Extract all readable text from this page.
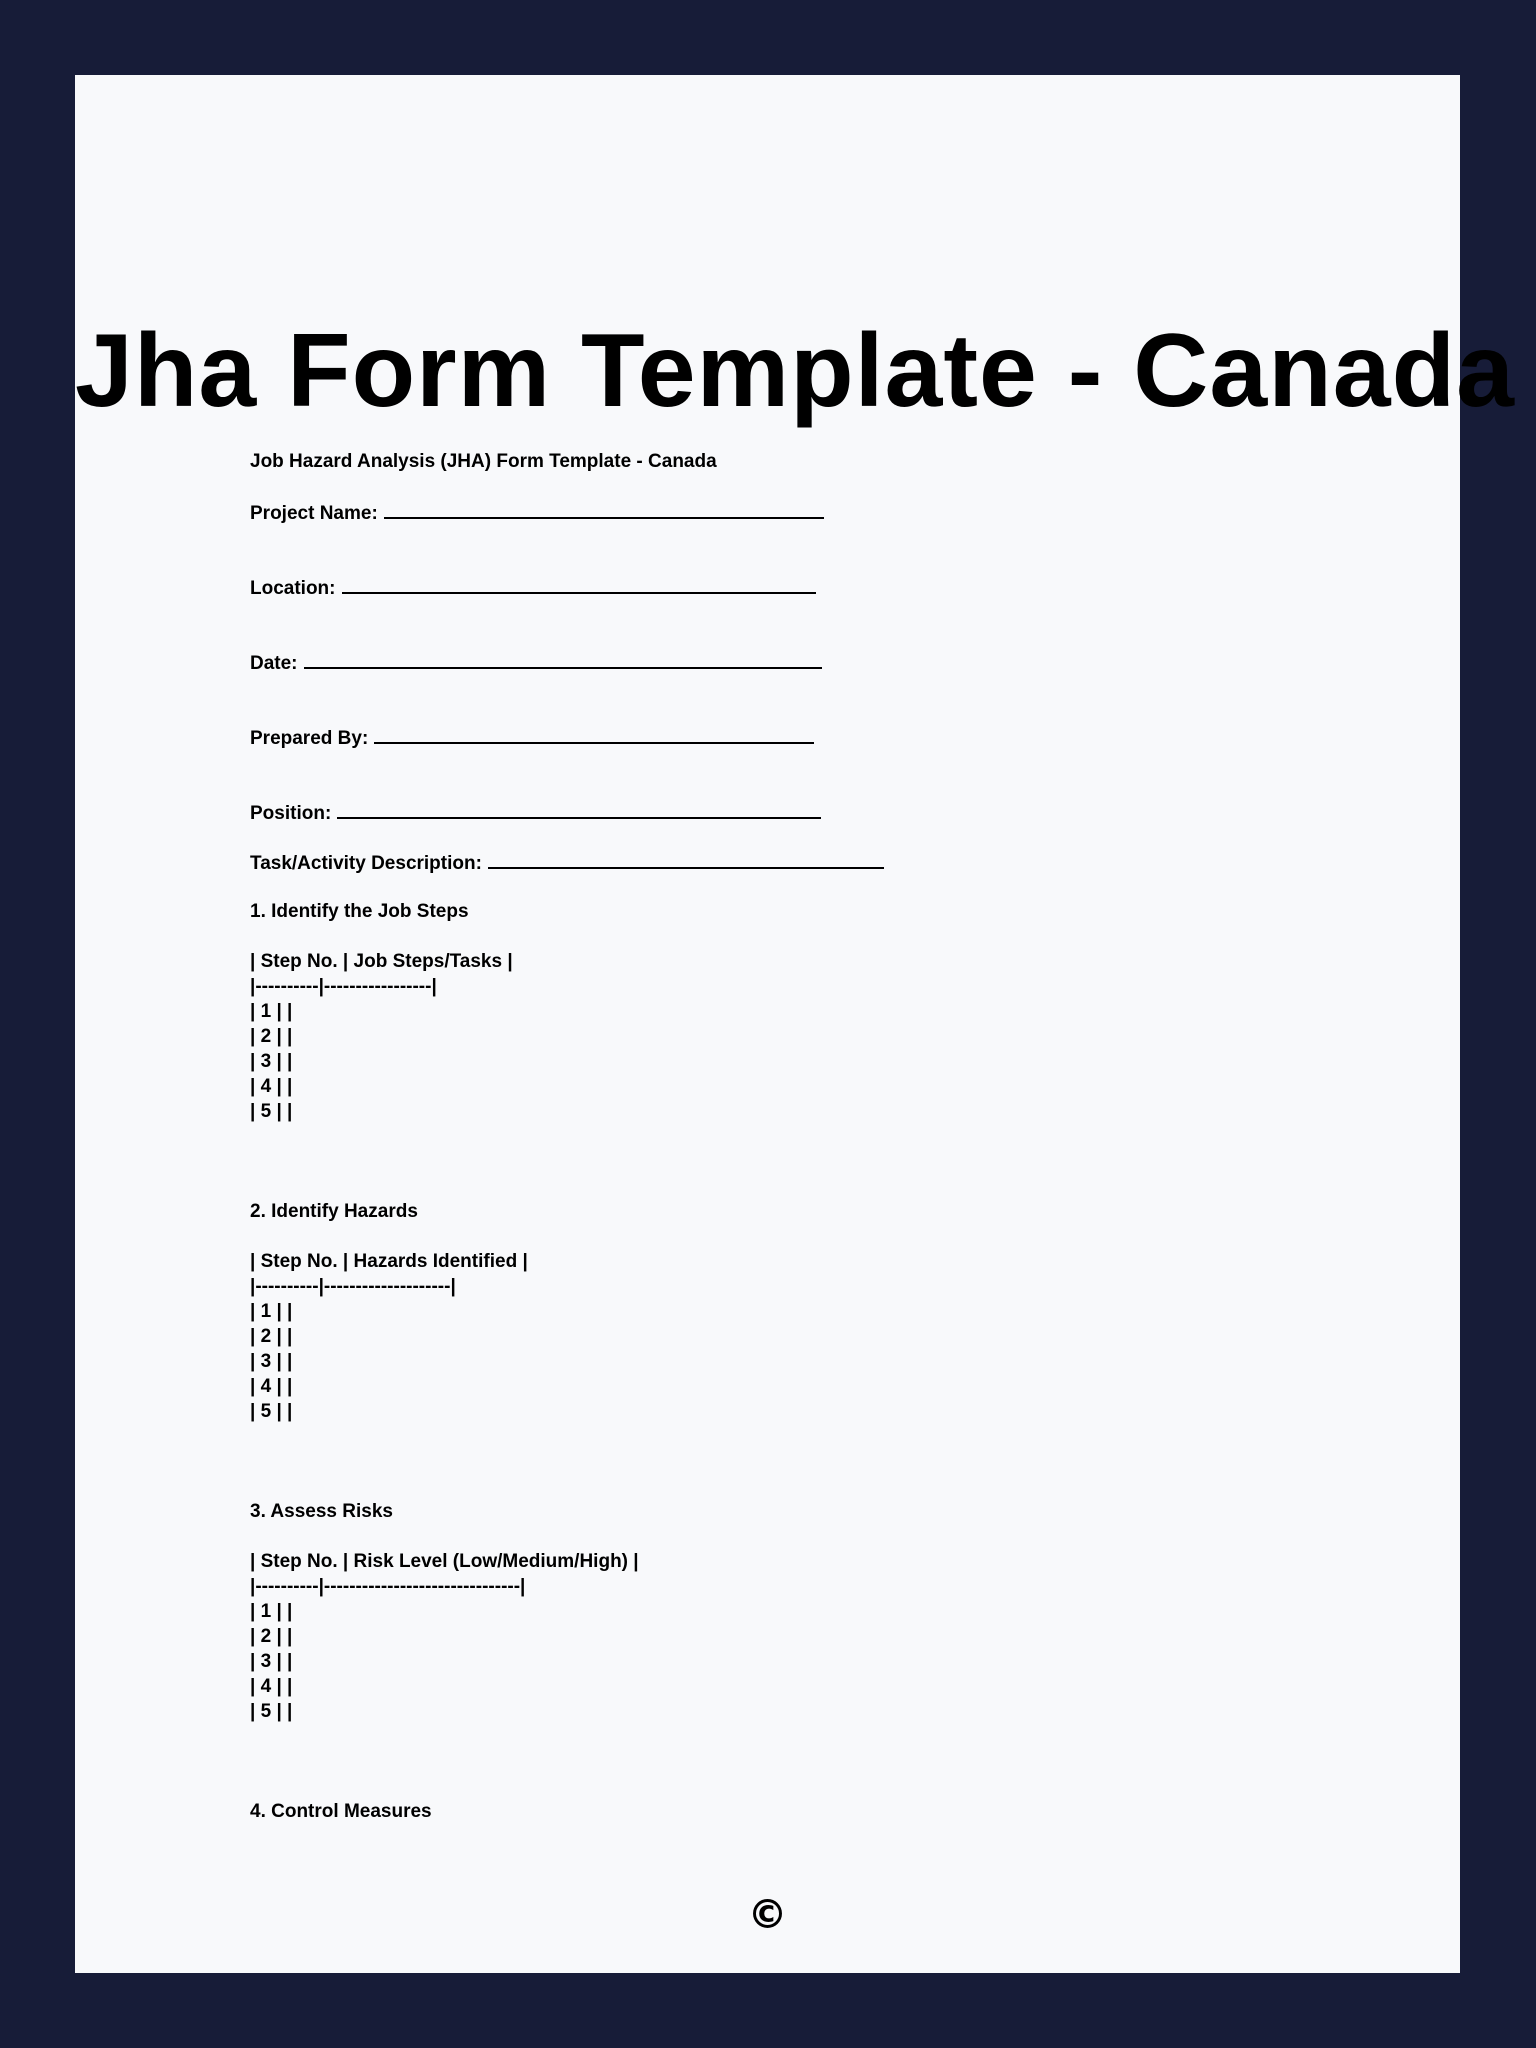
Jha Form Template - Canada

Job Hazard Analysis (JHA) Form Template - Canada

Project Name:

Location:

Date:

Prepared By:

Position:

Task/Activity Description:

1. Identify the Job Steps

| Step No. | Job Steps/Tasks |

|----------|-----------------|

| 1 | |

| 2 | |

| 3 | |

| 4 | |

| 5 | |

2. Identify Hazards

| Step No. | Hazards Identified |

|----------|--------------------|

| 1 | |

| 2 | |

| 3 | |

| 4 | |

| 5 | |

3. Assess Risks

| Step No. | Risk Level (Low/Medium/High) |

|----------|-------------------------------|

| 1 | |

| 2 | |

| 3 | |

| 4 | |

| 5 | |

4. Control Measures

©
